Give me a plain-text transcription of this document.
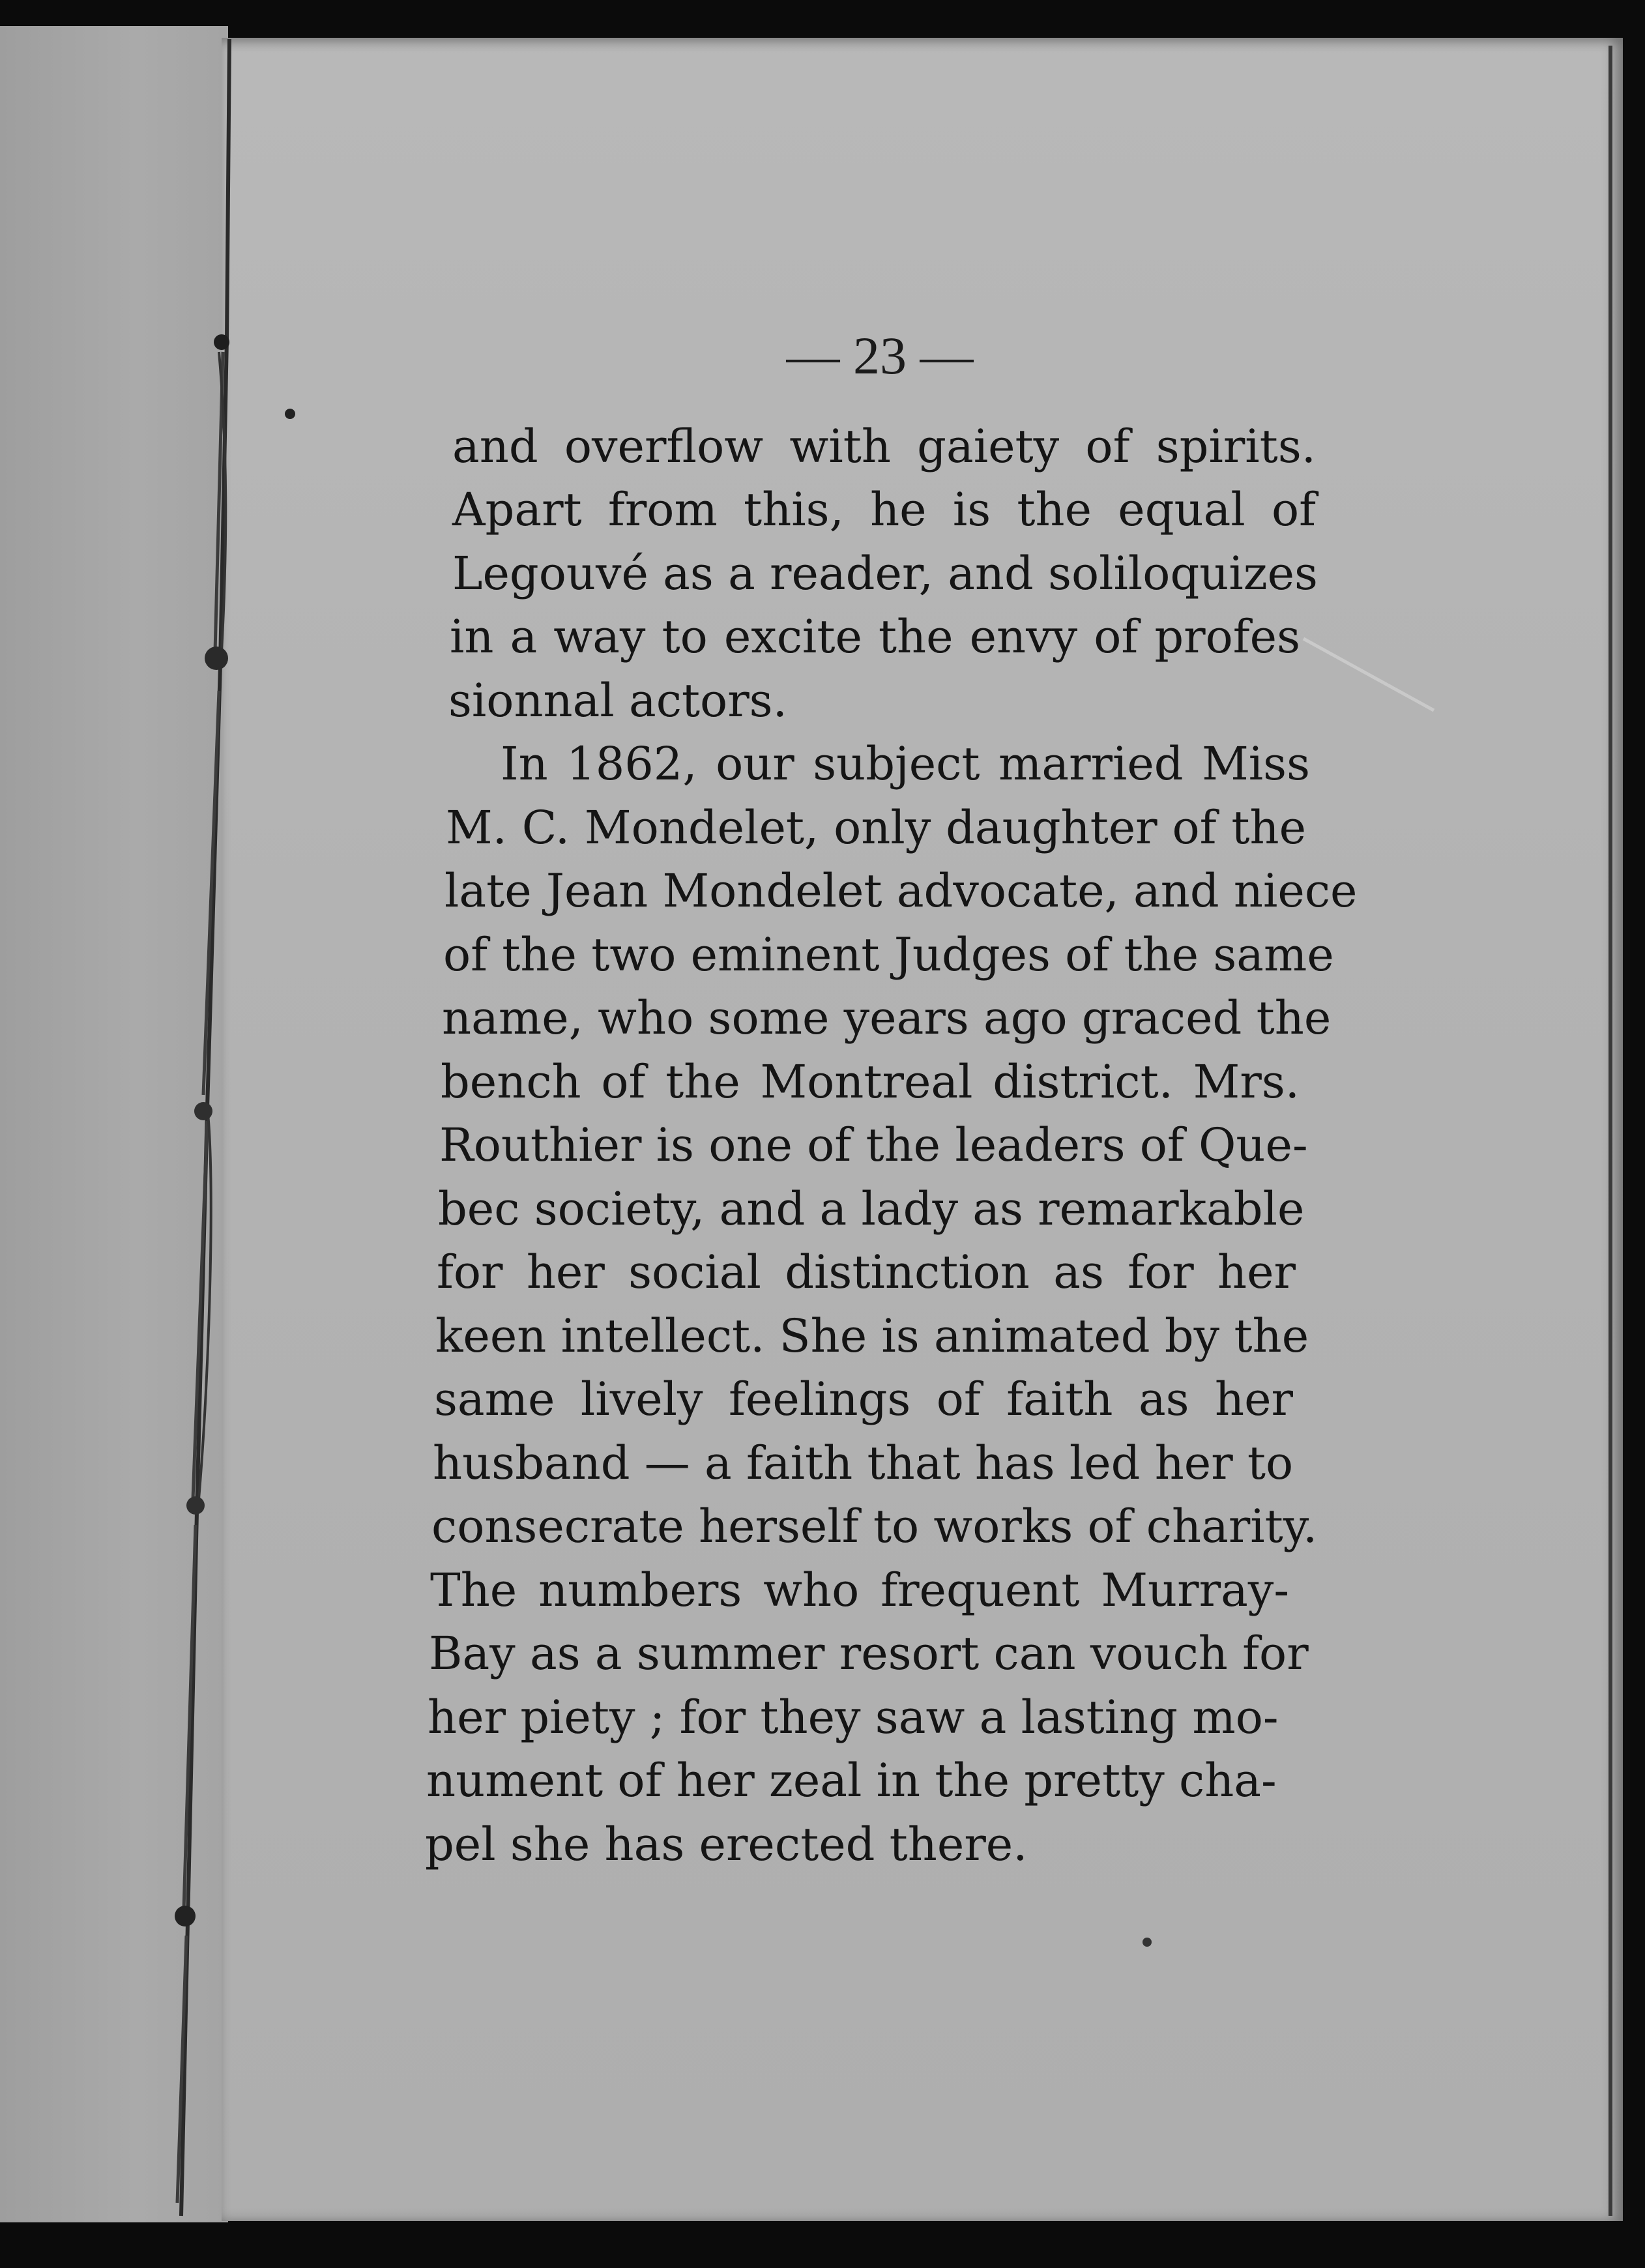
— 23 —
and overflow with gaiety of spirits.
Apart from this, he is the equal of
Legouvé as a reader, and soliloquizes
in a way to excite the envy of profes
sionnal actors.
In 1862, our subject married Miss
M. C. Mondelet, only daughter of the
late Jean Mondelet advocate, and niece
of the two eminent Judges of the same
name, who some years ago graced the
bench of the Montreal district. Mrs.
Routhier is one of the leaders of Que-
bec society, and a lady as remarkable
for her social distinction as for her
keen intellect. She is animated by the
same lively feelings of faith as her
husband — a faith that has led her to
consecrate herself to works of charity.
The numbers who frequent Murray-
Bay as a summer resort can vouch for
her piety ; for they saw a lasting mo-
nument of her zeal in the pretty cha-
pel she has erected there.
